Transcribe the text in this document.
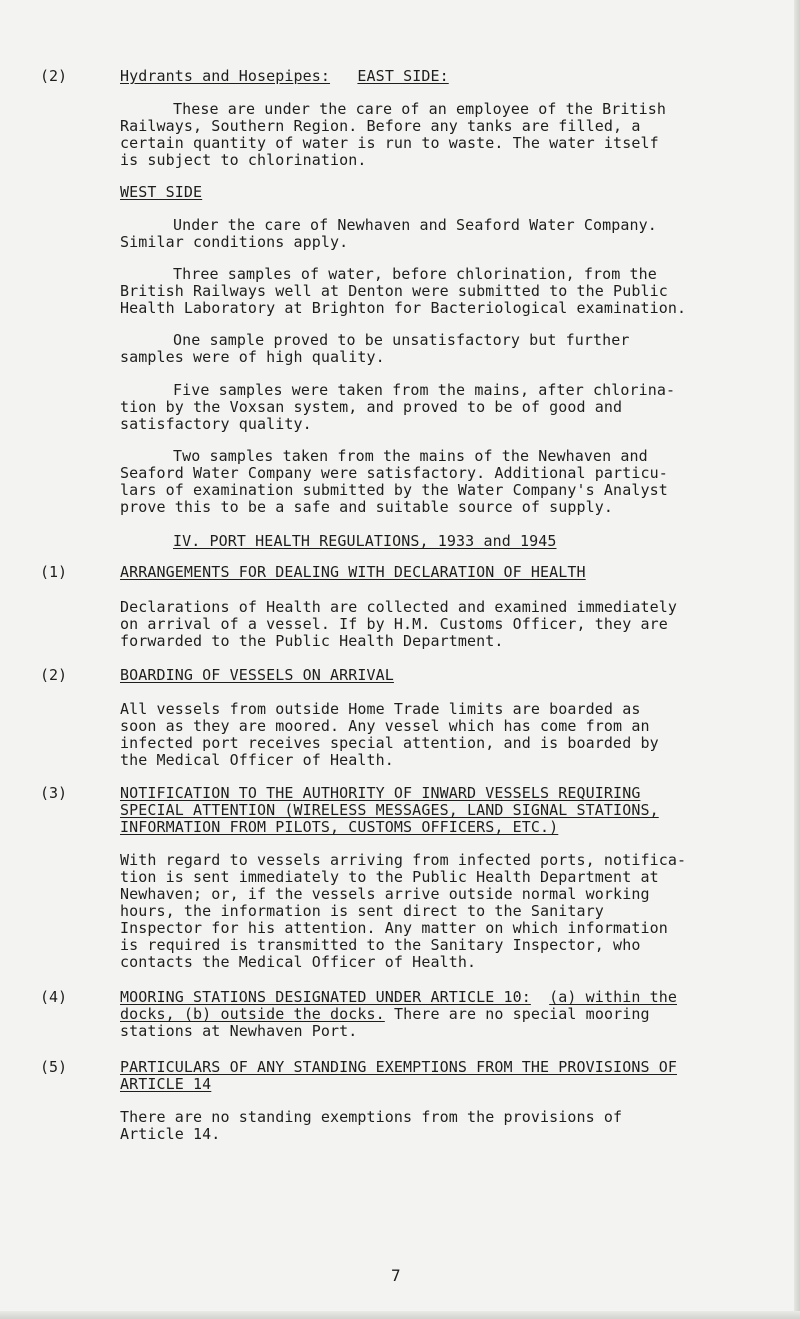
(2)	Hydrants and Hosepipes: EAST SIDE:
These are under the care of an employee of the British
Railways, Southern Region. Before any tanks are filled, a
certain quantity of water is run to waste. The water itself
is subject to chlorination.
WEST SIDE
Under the care of Newhaven and Seaford Water Company.
Similar conditions apply.
Three samples of water, before chlorination, from the
British Railways well at Denton were submitted to the Public
Health Laboratory at Brighton for Bacteriological examination.
One sample proved to be unsatisfactory but further
samples were of high quality.
Five samples were taken from the mains, after chlorina-
tion by the Voxsan system, and proved to be of good and
satisfactory quality.
Two samples taken from the mains of the Newhaven and
Seaford Water Company were satisfactory. Additional particu-
lars of examination submitted by the Water Company's Analyst
prove this to be a safe and suitable source of supply.
IV. PORT HEALTH REGULATIONS, 1933 and 1945
(1)	ARRANGEMENTS FOR DEALING WITH DECLARATION OF HEALTH
Declarations of Health are collected and examined immediately
on arrival of a vessel. If by H.M. Customs Officer, they are
forwarded to the Public Health Department.
(2)	BOARDING OF VESSELS ON ARRIVAL
All vessels from outside Home Trade limits are boarded as
soon as they are moored. Any vessel which has come from an
infected port receives special attention, and is boarded by
the Medical Officer of Health.
(3)	NOTIFICATION TO THE AUTHORITY OF INWARD VESSELS REQUIRING
SPECIAL ATTENTION (WIRELESS MESSAGES, LAND SIGNAL STATIONS,
INFORMATION FROM PILOTS, CUSTOMS OFFICERS, ETC.)
With regard to vessels arriving from infected ports, notifica-
tion is sent immediately to the Public Health Department at
Newhaven; or, if the vessels arrive outside normal working
hours, the information is sent direct to the Sanitary
Inspector for his attention. Any matter on which information
is required is transmitted to the Sanitary Inspector, who
contacts the Medical Officer of Health.
(4)	MOORING STATIONS DESIGNATED UNDER ARTICLE 10: (a) within the
docks, (b) outside the docks. There are no special mooring
stations at Newhaven Port.
(5)	PARTICULARS OF ANY STANDING EXEMPTIONS FROM THE PROVISIONS OF
ARTICLE 14
There are no standing exemptions from the provisions of
Article 14.
7
